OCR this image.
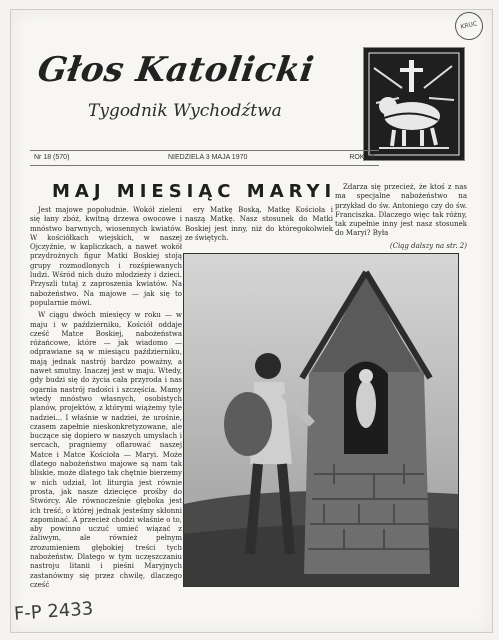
KRUC
Głos Katolicki
Tygodnik Wychodźtwa
Nr 18 (570)	NIEDZIELA 3 MAJA 1970	ROK XII
MAJ MIESIĄC MARYI

Jest majowe popołudnie. Wokół zieleni się łany zbóż, kwitną drzewa owocowe i mnóstwo barwnych, wiosennych kwiatów. W kościółkach wiejskich, w naszej Ojczyźnie, w kapliczkach, a nawet wokół przydrożnych figur Matki Boskiej stoją grupy rozmodlonych i rozśpiewanych ludzi. Wśród nich dużo młodzieży i dzieci. Przyszli tutaj z zaproszenia kwiatów. Na nabożeństwo. Na majowe — jak się to popularnie mówi.

W ciągu dwóch miesięcy w roku — w maju i w październiku, Kościół oddaje cześć Matce Boskiej, nabożeństwa różańcowe, które — jak wiadomo — odprawiane są w miesiącu październiku, mają jednak nastrój bardzo poważny, a nawet smutny. Inaczej jest w maju. Wtedy, gdy budzi się do życia cała przyroda i nas ogarnia nastrój radości i szczęścia. Mamy wtedy mnóstwo własnych, osobistych planów, projektów, z którymi wiążemy tyle nadziei... I właśnie w nadziei, że urośnie, czasem zapełnie nieskonkretyzowane, ale buczące się dopiero w naszych umysłach i sercach, pragniemy oflarować naszej Matce i Matce Kościoła — Maryi. Może dlatego nabożeństwo majowe są nam tak bliskie, może dlatego tak chętnie bierzemy w nich udział, lot liturgia jest równie prosta, jak nasze dziecięce prośby do Stwórcy. Ale równocześnie głęboka jest ich treść, o której jednak jesteśmy skłonni zapominać. A przecież chodzi właśnie o to, aby powinno uczuć umieć wiązać z żaliwym, ale również pełnym zrozumieniem głębokiej treści tych nabożeństw. Dlatego w tym uczęszczaniu nastroju litanii i pieśni Maryjnych zastanówmy się przez chwilę, dlaczego cześć

ery Matkę Boską, Matkę Kościoła i naszą Matkę. Nasz stosunek do Matki Boskiej jest inny, niż do któregokolwiek ze świętych.

Zdarza się przecież, że ktoś z nas ma specjalne nabożeństwo na przykład do św. Antoniego czy do św. Franciszka. Dlaczego więc tak różny, tak zupełnie inny jest nasz stosunek do Maryi? Była

(Ciąg dalszy na str. 2)
F-P 2433
